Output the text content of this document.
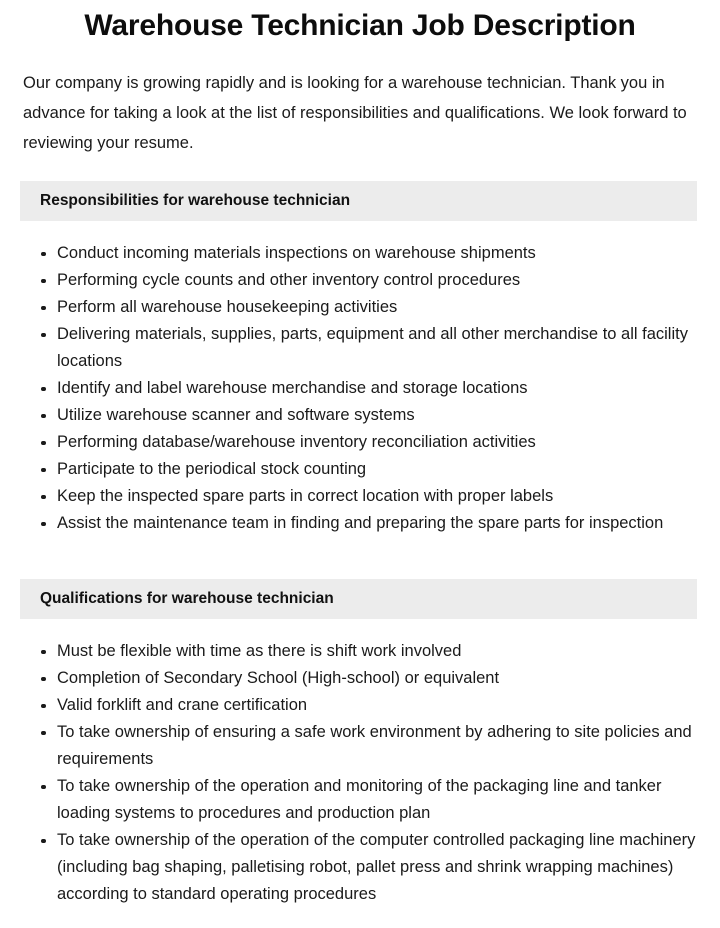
Warehouse Technician Job Description

Our company is growing rapidly and is looking for a warehouse technician. Thank you in advance for taking a look at the list of responsibilities and qualifications. We look forward to reviewing your resume.

Responsibilities for warehouse technician
Conduct incoming materials inspections on warehouse shipments
Performing cycle counts and other inventory control procedures
Perform all warehouse housekeeping activities
Delivering materials, supplies, parts, equipment and all other merchandise to all facility locations
Identify and label warehouse merchandise and storage locations
Utilize warehouse scanner and software systems
Performing database/warehouse inventory reconciliation activities
Participate to the periodical stock counting
Keep the inspected spare parts in correct location with proper labels
Assist the maintenance team in finding and preparing the spare parts for inspection
Qualifications for warehouse technician
Must be flexible with time as there is shift work involved
Completion of Secondary School (High-school) or equivalent
Valid forklift and crane certification
To take ownership of ensuring a safe work environment by adhering to site policies and requirements
To take ownership of the operation and monitoring of the packaging line and tanker loading systems to procedures and production plan
To take ownership of the operation of the computer controlled packaging line machinery (including bag shaping, palletising robot, pallet press and shrink wrapping machines) according to standard operating procedures
